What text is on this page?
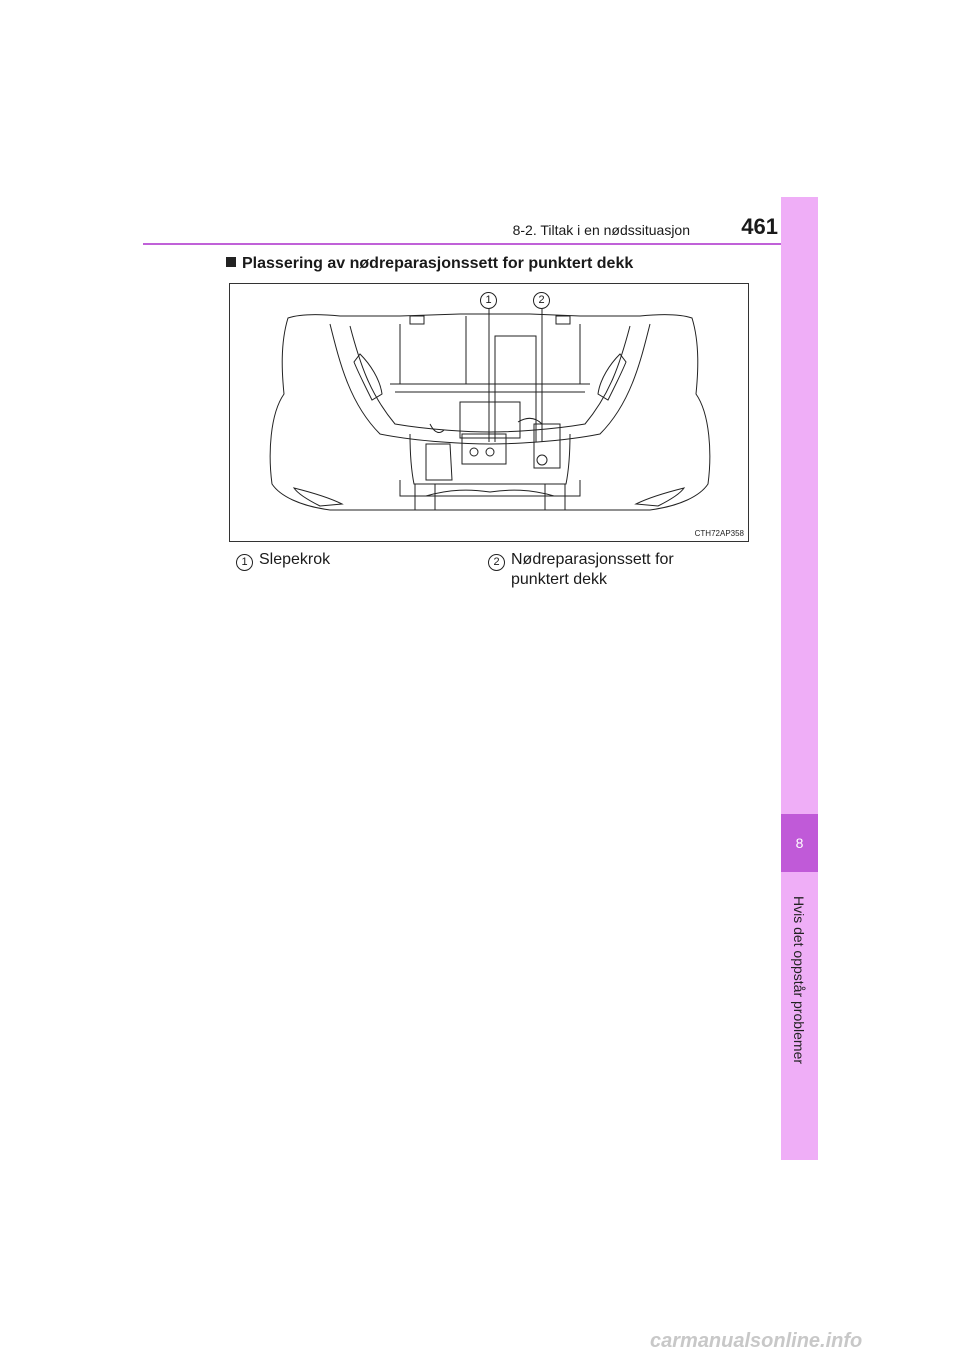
8-2. Tiltak i en nødssituasjon 461
8
Hvis det oppstår problemer
Plassering av nødreparasjonssett for punktert dekk
1	2
CTH72AP358
1 Slepekrok	2 Nødreparasjonssett for punktert dekk
carmanualsonline.info
